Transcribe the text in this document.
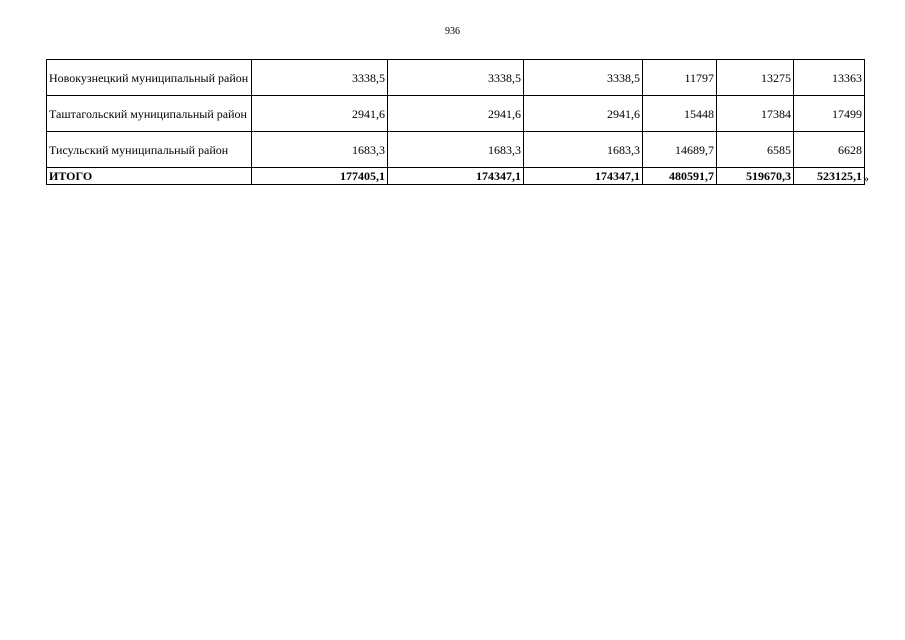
936
Новокузнецкий муниципальный район	3338,5	3338,5	3338,5	11797	13275	13363
Таштагольский муниципальный район	2941,6	2941,6	2941,6	15448	17384	17499
Тисульский муниципальный район	1683,3	1683,3	1683,3	14689,7	6585	6628
ИТОГО	177405,1	174347,1	174347,1	480591,7	519670,3	523125,1 »
